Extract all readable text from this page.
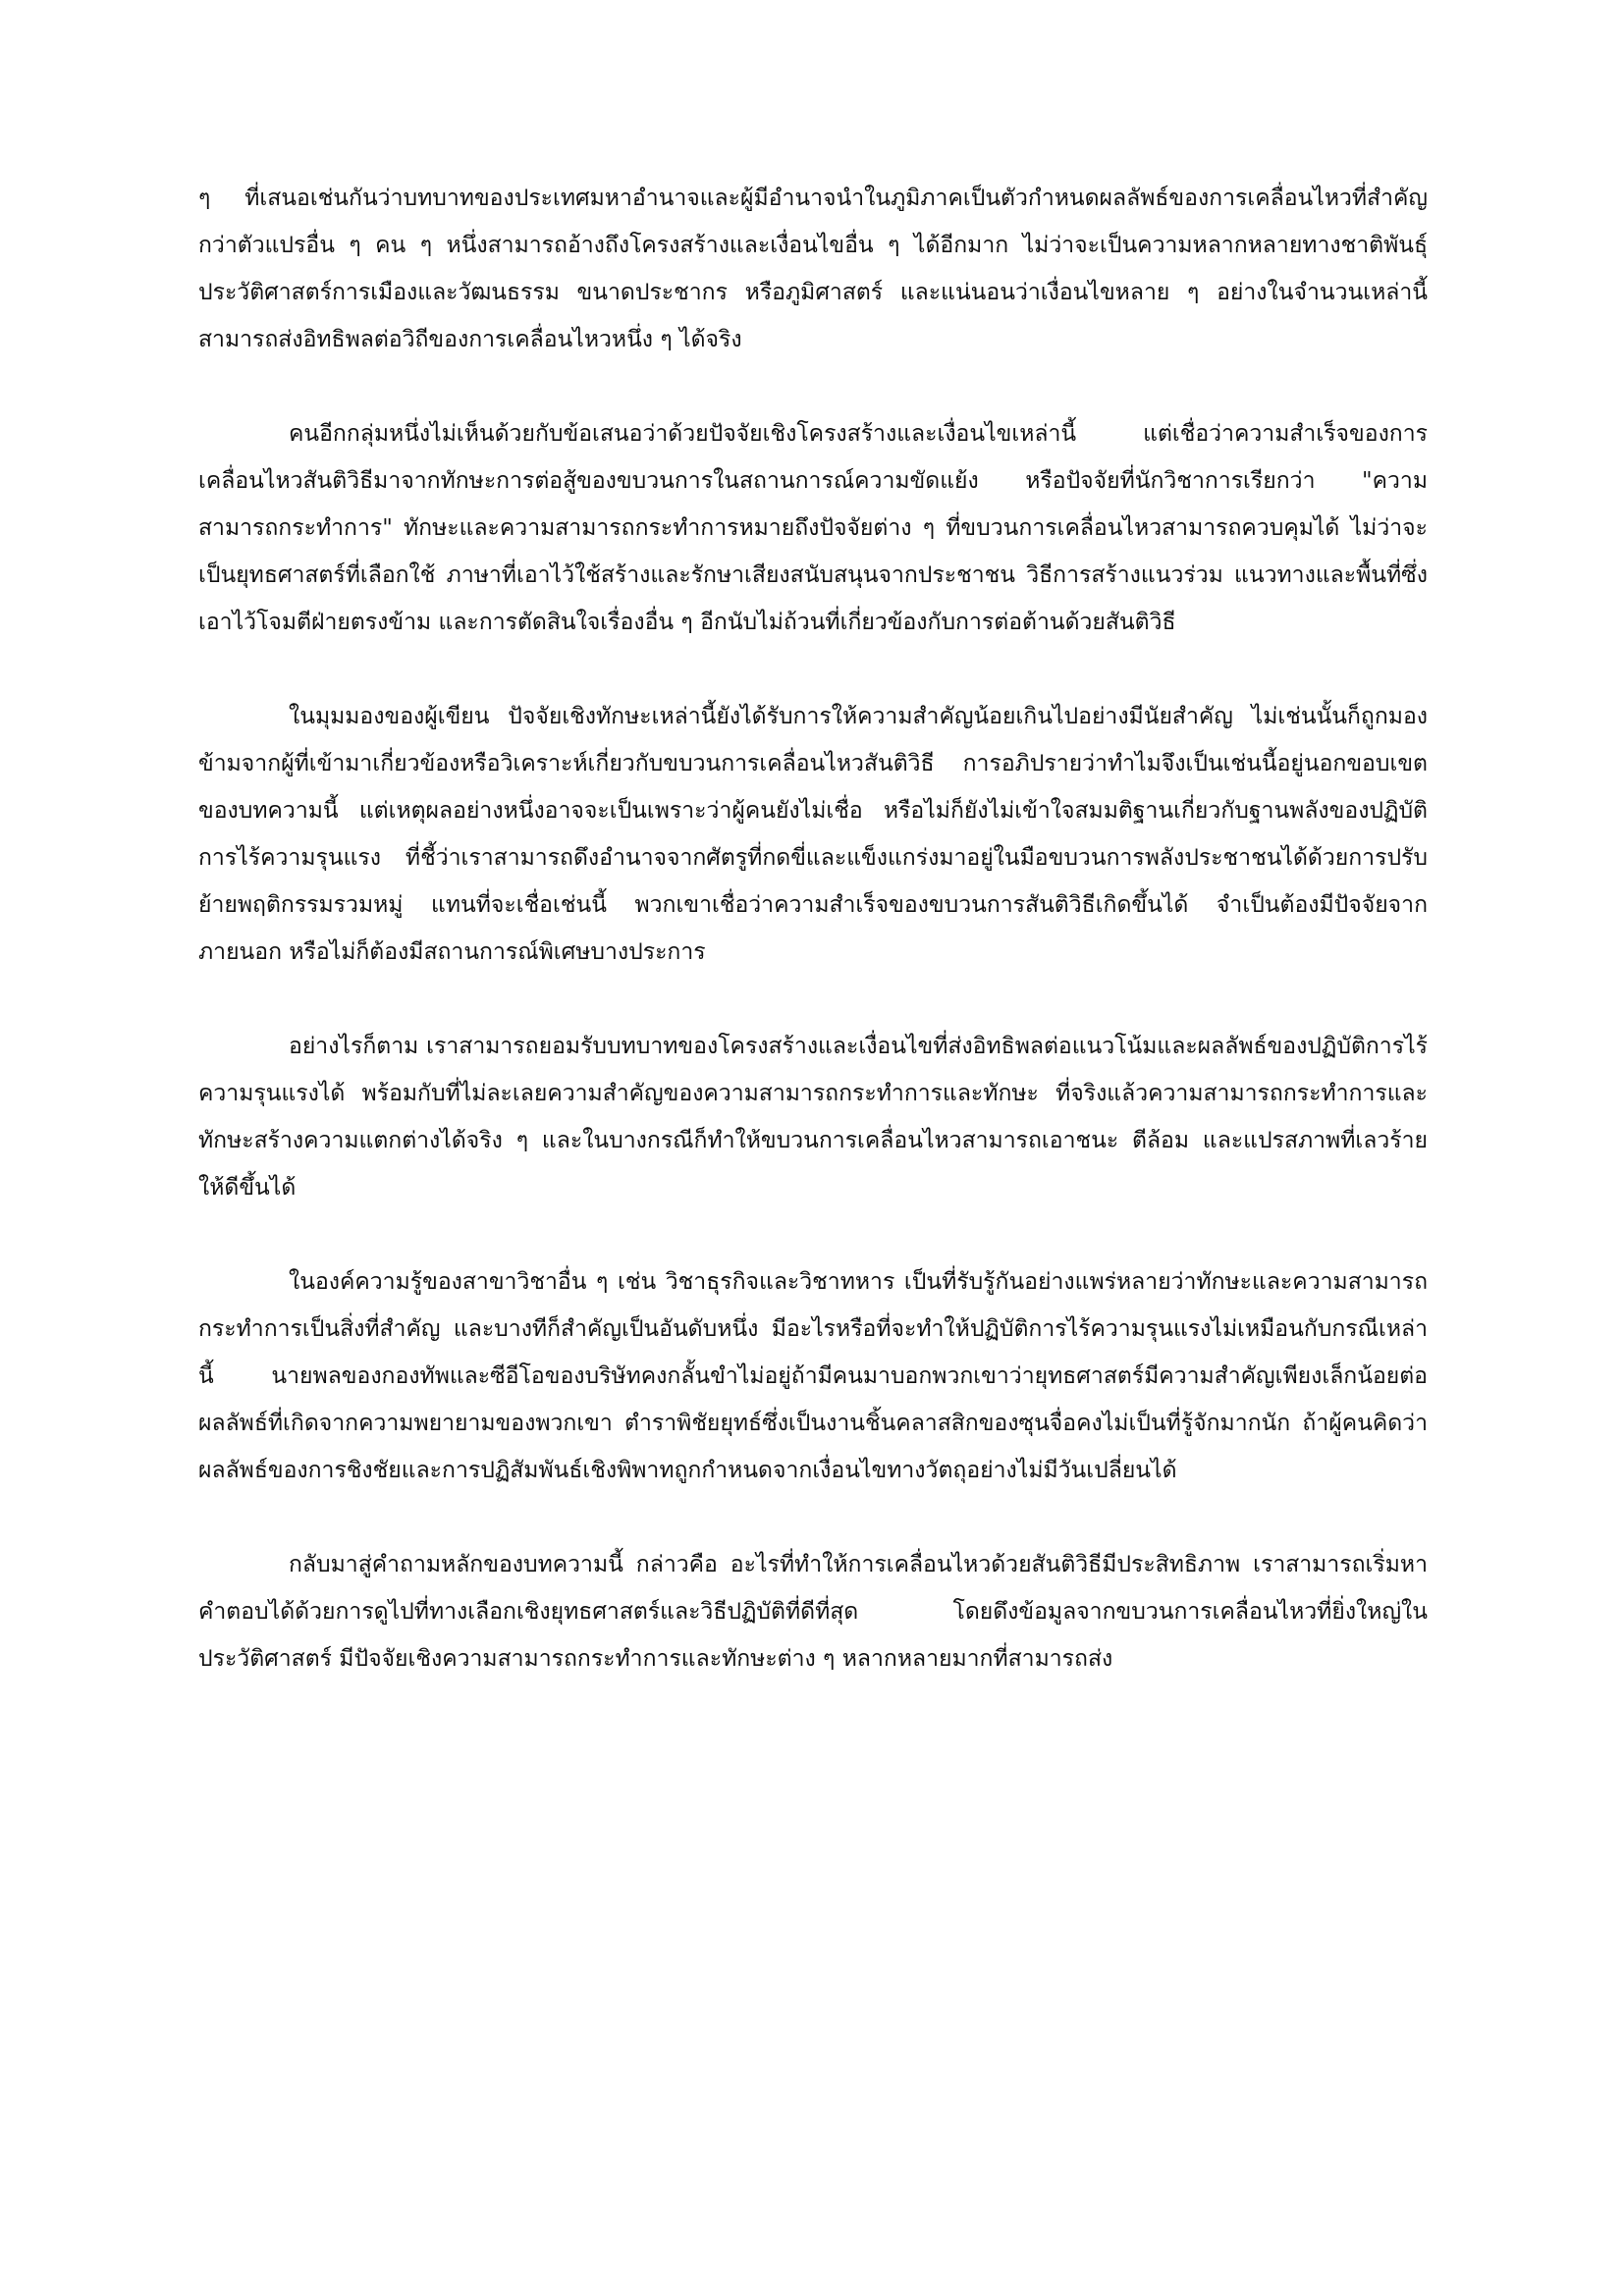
ๆ ที่เสนอเช่นกันว่าบทบาทของประเทศมหาอำนาจและผู้มีอำนาจนำในภูมิภาคเป็นตัวกำหนดผลลัพธ์ของการเคลื่อนไหวที่สำคัญกว่าตัวแปรอื่น ๆ คน ๆ หนึ่งสามารถอ้างถึงโครงสร้างและเงื่อนไขอื่น ๆ ได้อีกมาก ไม่ว่าจะเป็นความหลากหลายทางชาติพันธุ์ ประวัติศาสตร์การเมืองและวัฒนธรรม ขนาดประชากร หรือภูมิศาสตร์ และแน่นอนว่าเงื่อนไขหลาย ๆ อย่างในจำนวนเหล่านี้สามารถส่งอิทธิพลต่อวิถีของการเคลื่อนไหวหนึ่ง ๆ ได้จริง

คนอีกกลุ่มหนึ่งไม่เห็นด้วยกับข้อเสนอว่าด้วยปัจจัยเชิงโครงสร้างและเงื่อนไขเหล่านี้ แต่เชื่อว่าความสำเร็จของการเคลื่อนไหวสันติวิธีมาจากทักษะการต่อสู้ของขบวนการในสถานการณ์ความขัดแย้ง หรือปัจจัยที่นักวิชาการเรียกว่า "ความสามารถกระทำการ" ทักษะและความสามารถกระทำการหมายถึงปัจจัยต่าง ๆ ที่ขบวนการเคลื่อนไหวสามารถควบคุมได้ ไม่ว่าจะเป็นยุทธศาสตร์ที่เลือกใช้ ภาษาที่เอาไว้ใช้สร้างและรักษาเสียงสนับสนุนจากประชาชน วิธีการสร้างแนวร่วม แนวทางและพื้นที่ซึ่งเอาไว้โจมตีฝ่ายตรงข้าม และการตัดสินใจเรื่องอื่น ๆ อีกนับไม่ถ้วนที่เกี่ยวข้องกับการต่อต้านด้วยสันติวิธี

ในมุมมองของผู้เขียน ปัจจัยเชิงทักษะเหล่านี้ยังได้รับการให้ความสำคัญน้อยเกินไปอย่างมีนัยสำคัญ ไม่เช่นนั้นก็ถูกมองข้ามจากผู้ที่เข้ามาเกี่ยวข้องหรือวิเคราะห์เกี่ยวกับขบวนการเคลื่อนไหวสันติวิธี การอภิปรายว่าทำไมจึงเป็นเช่นนี้อยู่นอกขอบเขตของบทความนี้ แต่เหตุผลอย่างหนึ่งอาจจะเป็นเพราะว่าผู้คนยังไม่เชื่อ หรือไม่ก็ยังไม่เข้าใจสมมติฐานเกี่ยวกับฐานพลังของปฏิบัติการไร้ความรุนแรง ที่ชี้ว่าเราสามารถดึงอำนาจจากศัตรูที่กดขี่และแข็งแกร่งมาอยู่ในมือขบวนการพลังประชาชนได้ด้วยการปรับย้ายพฤติกรรมรวมหมู่ แทนที่จะเชื่อเช่นนี้ พวกเขาเชื่อว่าความสำเร็จของขบวนการสันติวิธีเกิดขึ้นได้ จำเป็นต้องมีปัจจัยจากภายนอก หรือไม่ก็ต้องมีสถานการณ์พิเศษบางประการ

อย่างไรก็ตาม เราสามารถยอมรับบทบาทของโครงสร้างและเงื่อนไขที่ส่งอิทธิพลต่อแนวโน้มและผลลัพธ์ของปฏิบัติการไร้ความรุนแรงได้ พร้อมกับที่ไม่ละเลยความสำคัญของความสามารถกระทำการและทักษะ ที่จริงแล้วความสามารถกระทำการและทักษะสร้างความแตกต่างได้จริง ๆ และในบางกรณีก็ทำให้ขบวนการเคลื่อนไหวสามารถเอาชนะ ตีล้อม และแปรสภาพที่เลวร้ายให้ดีขึ้นได้

ในองค์ความรู้ของสาขาวิชาอื่น ๆ เช่น วิชาธุรกิจและวิชาทหาร เป็นที่รับรู้กันอย่างแพร่หลายว่าทักษะและความสามารถกระทำการเป็นสิ่งที่สำคัญ และบางทีก็สำคัญเป็นอันดับหนึ่ง มีอะไรหรือที่จะทำให้ปฏิบัติการไร้ความรุนแรงไม่เหมือนกับกรณีเหล่านี้ นายพลของกองทัพและซีอีโอของบริษัทคงกลั้นขำไม่อยู่ถ้ามีคนมาบอกพวกเขาว่ายุทธศาสตร์มีความสำคัญเพียงเล็กน้อยต่อผลลัพธ์ที่เกิดจากความพยายามของพวกเขา ตำราพิชัยยุทธ์ซึ่งเป็นงานชิ้นคลาสสิกของซุนจื่อคงไม่เป็นที่รู้จักมากนัก ถ้าผู้คนคิดว่าผลลัพธ์ของการชิงชัยและการปฏิสัมพันธ์เชิงพิพาทถูกกำหนดจากเงื่อนไขทางวัตถุอย่างไม่มีวันเปลี่ยนได้

กลับมาสู่คำถามหลักของบทความนี้ กล่าวคือ อะไรที่ทำให้การเคลื่อนไหวด้วยสันติวิธีมีประสิทธิภาพ เราสามารถเริ่มหาคำตอบได้ด้วยการดูไปที่ทางเลือกเชิงยุทธศาสตร์และวิธีปฏิบัติที่ดีที่สุด โดยดึงข้อมูลจากขบวนการเคลื่อนไหวที่ยิ่งใหญ่ในประวัติศาสตร์ มีปัจจัยเชิงความสามารถกระทำการและทักษะต่าง ๆ หลากหลายมากที่สามารถส่ง
